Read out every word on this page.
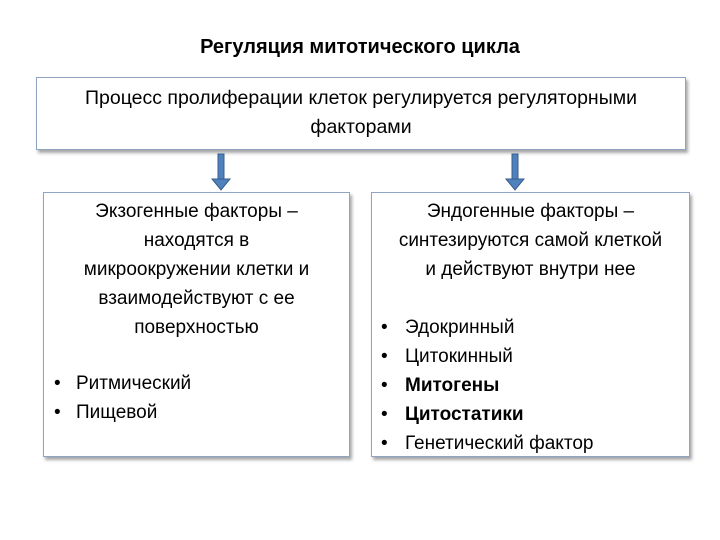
Регуляция митотического цикла
Процесс пролиферации клеток регулируется регуляторными
факторами
Экзогенные факторы –
находятся в
микроокружении клетки и
взаимодействуют с ее
поверхностью
• Ритмический
• Пищевой
Эндогенные факторы –
синтезируются самой клеткой
и действуют внутри нее
• Эдокринный
• Цитокинный
• Митогены
• Цитостатики
• Генетический фактор
